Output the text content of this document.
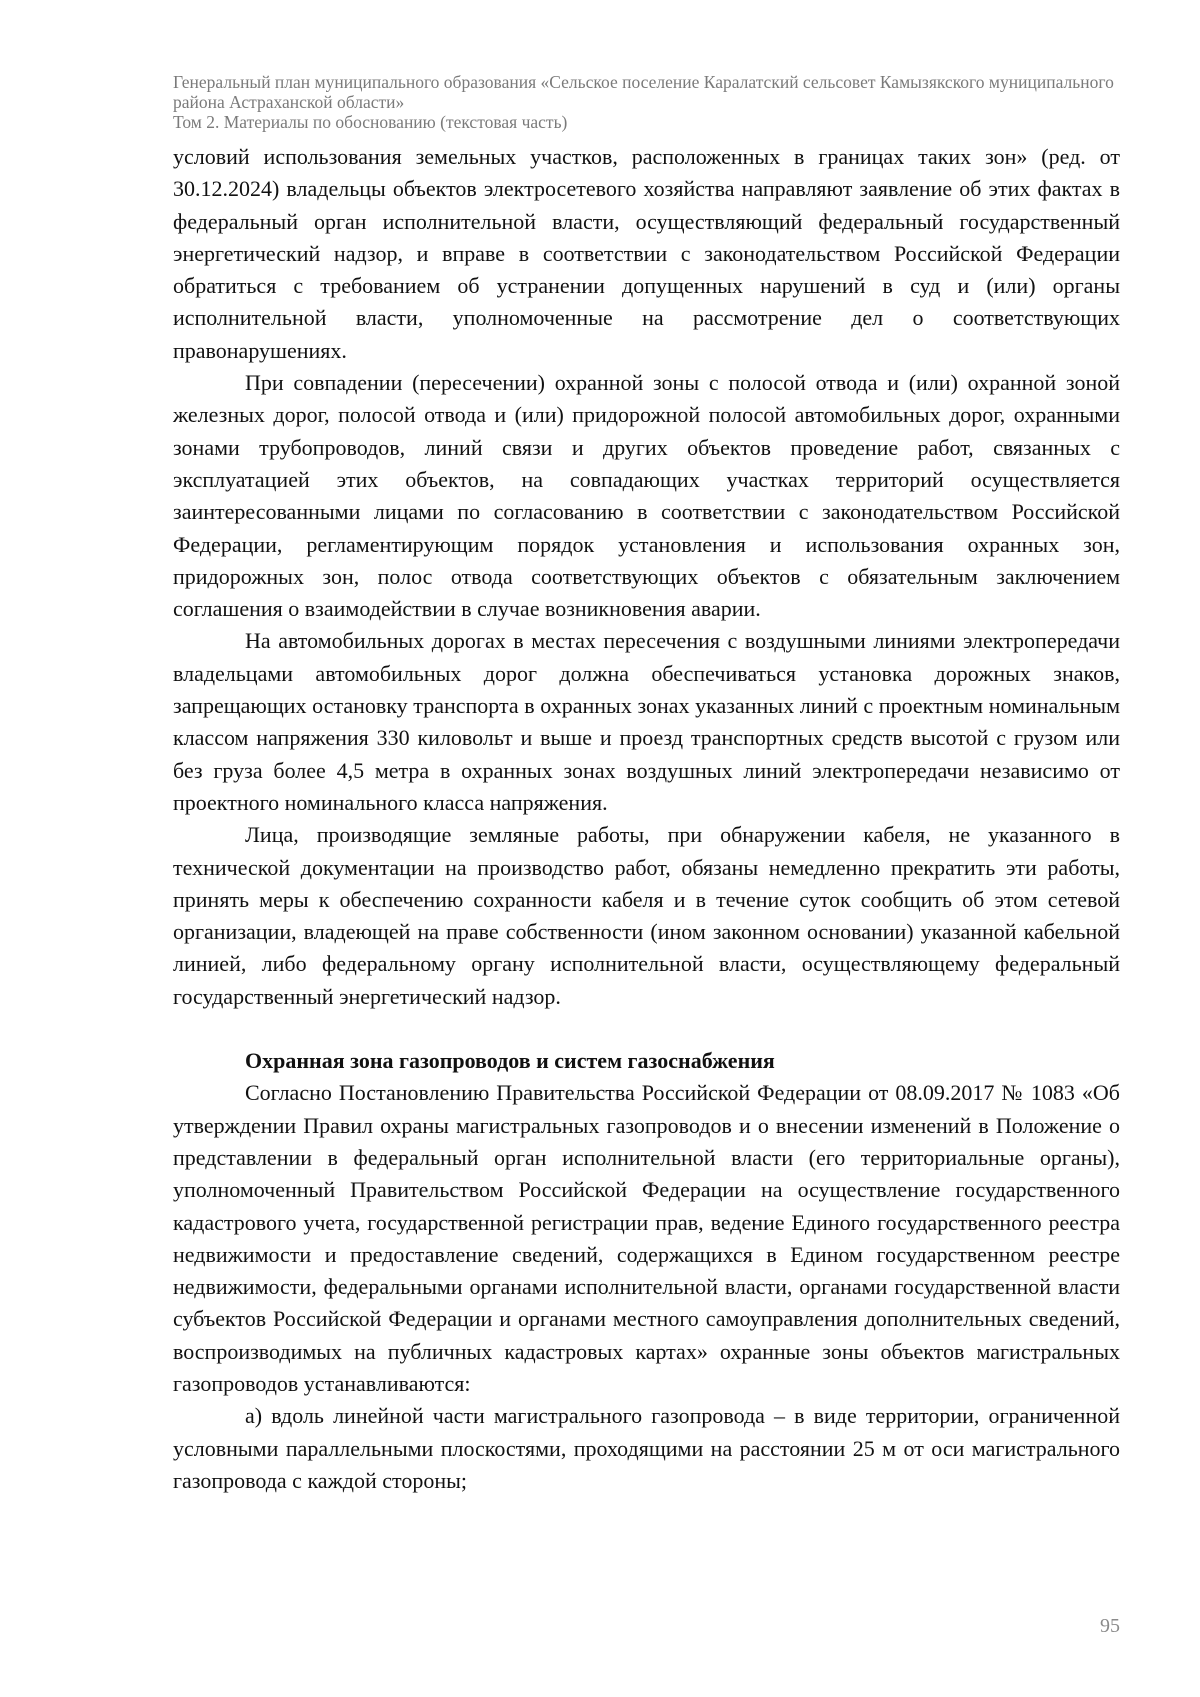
Генеральный план муниципального образования «Сельское поселение Каралатский сельсовет Камызякского муниципального района Астраханской области»
Том 2. Материалы по обоснованию (текстовая часть)

условий использования земельных участков, расположенных в границах таких зон» (ред. от 30.12.2024) владельцы объектов электросетевого хозяйства направляют заявление об этих фактах в федеральный орган исполнительной власти, осуществляющий федеральный государственный энергетический надзор, и вправе в соответствии с законодательством Российской Федерации обратиться с требованием об устранении допущенных нарушений в суд и (или) органы исполнительной власти, уполномоченные на рассмотрение дел о соответствующих правонарушениях.

При совпадении (пересечении) охранной зоны с полосой отвода и (или) охранной зоной железных дорог, полосой отвода и (или) придорожной полосой автомобильных дорог, охранными зонами трубопроводов, линий связи и других объектов проведение работ, связанных с эксплуатацией этих объектов, на совпадающих участках территорий осуществляется заинтересованными лицами по согласованию в соответствии с законодательством Российской Федерации, регламентирующим порядок установления и использования охранных зон, придорожных зон, полос отвода соответствующих объектов с обязательным заключением соглашения о взаимодействии в случае возникновения аварии.

На автомобильных дорогах в местах пересечения с воздушными линиями электропередачи владельцами автомобильных дорог должна обеспечиваться установка дорожных знаков, запрещающих остановку транспорта в охранных зонах указанных линий с проектным номинальным классом напряжения 330 киловольт и выше и проезд транспортных средств высотой с грузом или без груза более 4,5 метра в охранных зонах воздушных линий электропередачи независимо от проектного номинального класса напряжения.

Лица, производящие земляные работы, при обнаружении кабеля, не указанного в технической документации на производство работ, обязаны немедленно прекратить эти работы, принять меры к обеспечению сохранности кабеля и в течение суток сообщить об этом сетевой организации, владеющей на праве собственности (ином законном основании) указанной кабельной линией, либо федеральному органу исполнительной власти, осуществляющему федеральный государственный энергетический надзор.

Охранная зона газопроводов и систем газоснабжения

Согласно Постановлению Правительства Российской Федерации от 08.09.2017 № 1083 «Об утверждении Правил охраны магистральных газопроводов и о внесении изменений в Положение о представлении в федеральный орган исполнительной власти (его территориальные органы), уполномоченный Правительством Российской Федерации на осуществление государственного кадастрового учета, государственной регистрации прав, ведение Единого государственного реестра недвижимости и предоставление сведений, содержащихся в Едином государственном реестре недвижимости, федеральными органами исполнительной власти, органами государственной власти субъектов Российской Федерации и органами местного самоуправления дополнительных сведений, воспроизводимых на публичных кадастровых картах» охранные зоны объектов магистральных газопроводов устанавливаются:

а) вдоль линейной части магистрального газопровода – в виде территории, ограниченной условными параллельными плоскостями, проходящими на расстоянии 25 м от оси магистрального газопровода с каждой стороны;

95
